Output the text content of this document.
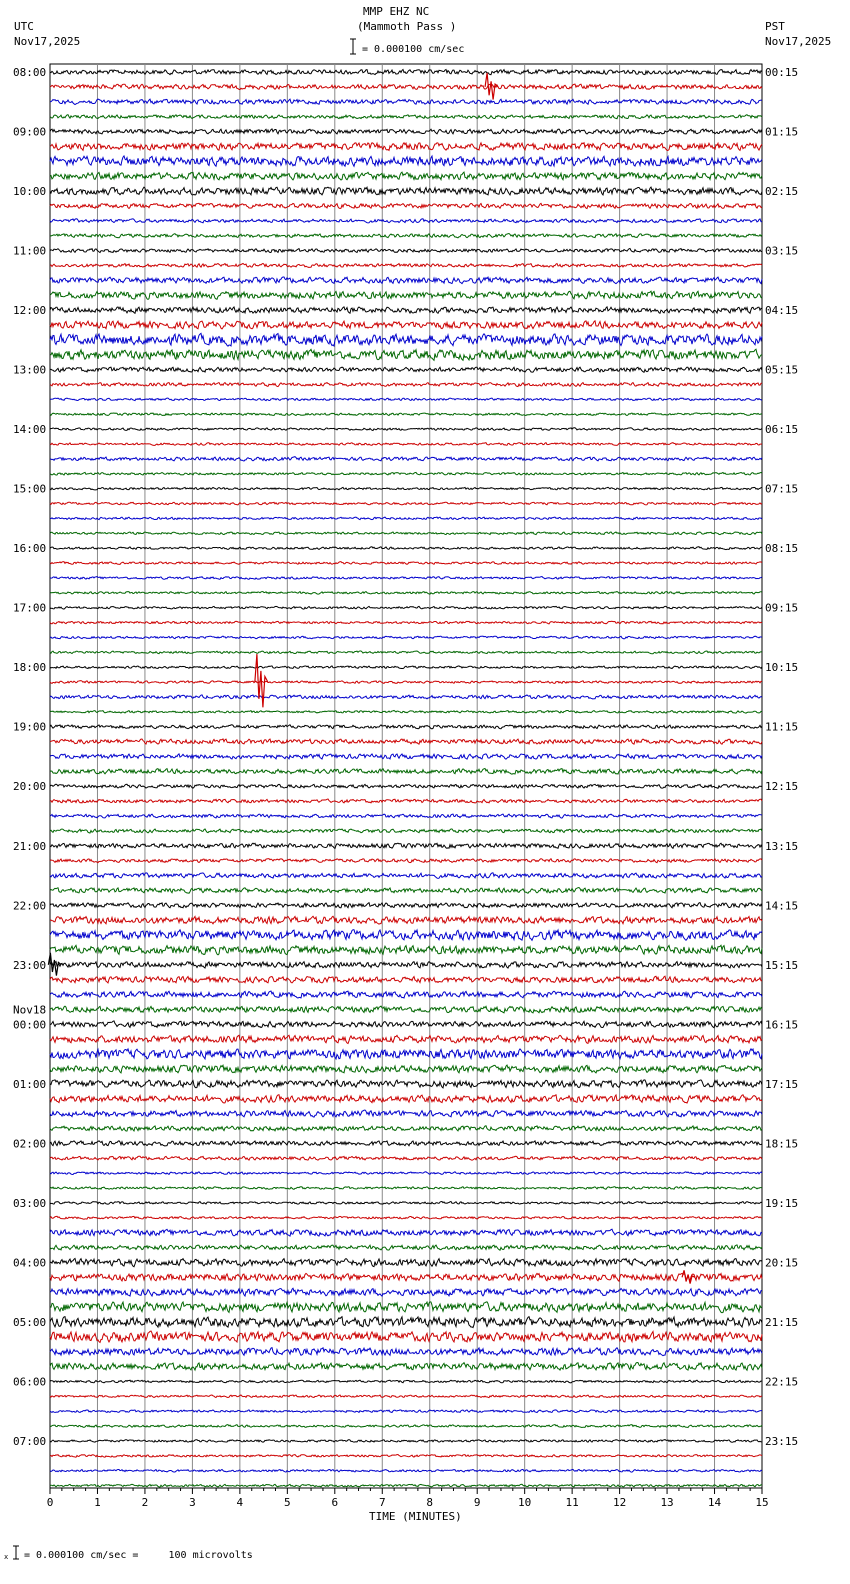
MMP EHZ NC
(Mammoth Pass )
= 0.000100 cm/sec
UTC
Nov17,2025
PST
Nov17,2025
08:00
09:00
10:00
11:00
12:00
13:00
14:00
15:00
16:00
17:00
18:00
19:00
20:00
21:00
22:00
23:00
00:00
Nov18
01:00
02:00
03:00
04:00
05:00
06:00
07:00
00:15
01:15
02:15
03:15
04:15
05:15
06:15
07:15
08:15
09:15
10:15
11:15
12:15
13:15
14:15
15:15
16:15
17:15
18:15
19:15
20:15
21:15
22:15
23:15
0	1	2	3	4	5	6	7	8	9	10	11	12	13	14	15
TIME (MINUTES)
x = 0.000100 cm/sec =     100 microvolts
